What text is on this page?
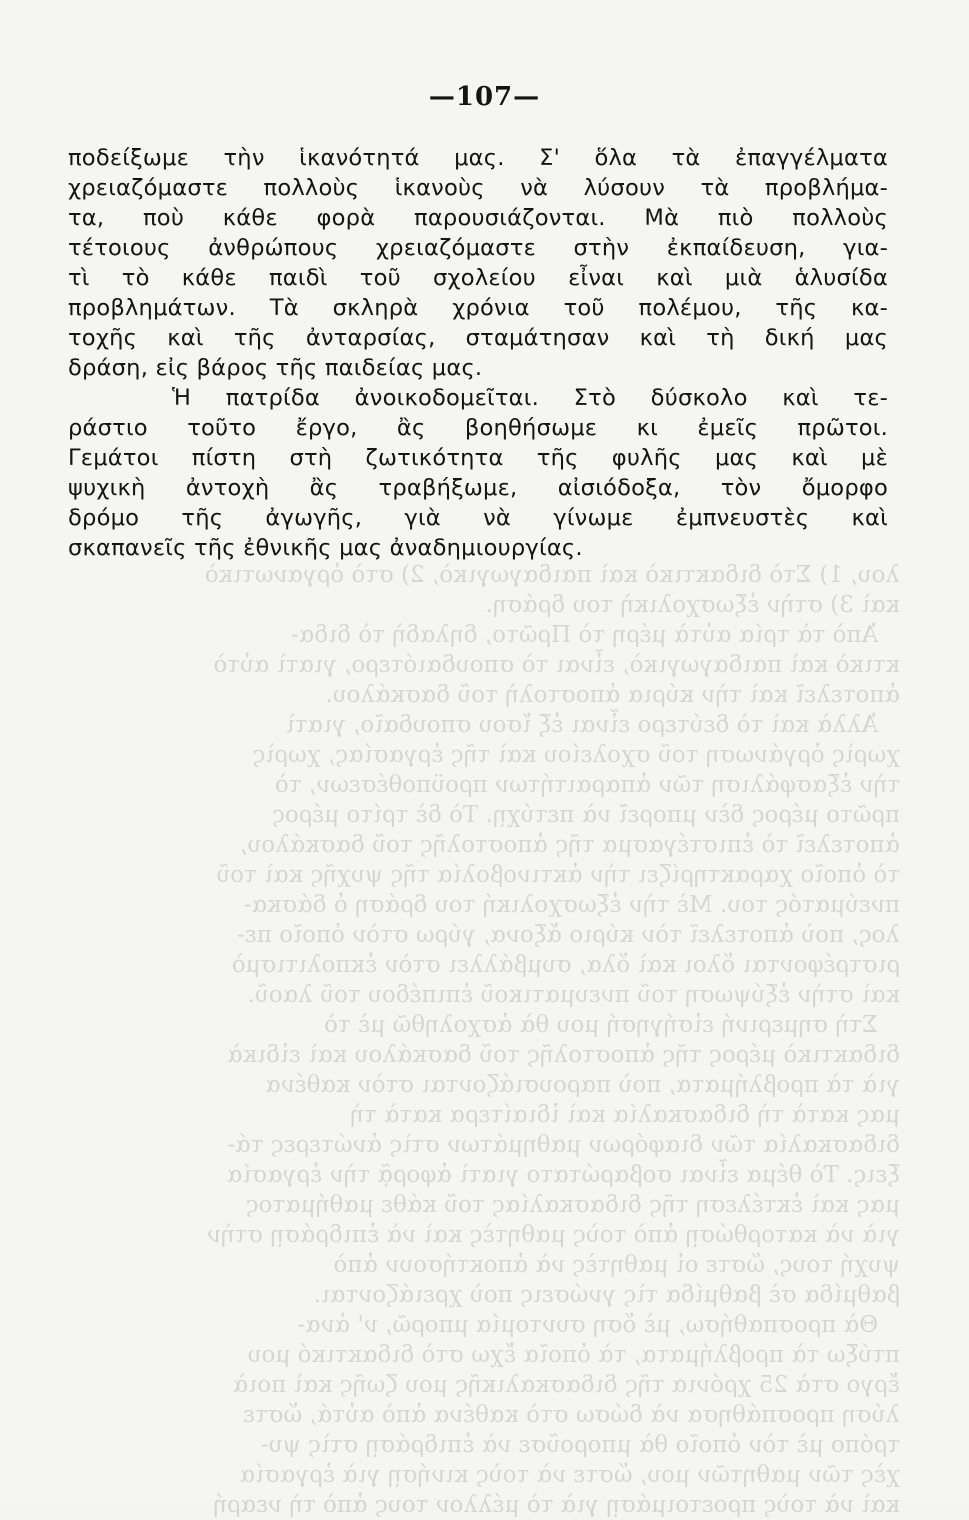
λου, 1) Στὸ διδακτικὸ καὶ παιδαγωγικὸ, 2) στὸ ὀργανωτικὸ
καὶ 3) στὴν ἐξωσχολικὴ του δράση.
Ἀπὸ τὰ τρία αὐτὰ μέρη τὸ Πρῶτο, δηλαδὴ τὸ διδα-
κτικὸ καὶ παιδαγωγικὸ, εἶναι τὸ σπουδαιότερο, γιατὶ αὐτὸ
ἀποτελεῖ καὶ τὴν κύρια ἀποστολὴ τοῦ δασκάλου.
Ἀλλὰ καὶ τὸ δεύτερο εἶναι ἐξ ἴσου σπουδαῖο, γιατὶ
χωρὶς ὀργάνωση τοῦ σχολείου καὶ τῆς ἐργασίας, χωρὶς
τὴν ἐξασφάλιση τῶν ἀπαραιτήτων προϋποθέσεων, τὸ
πρῶτο μέρος δὲν μπορεῖ νὰ πετύχῃ. Τὸ δὲ τρίτο μέρος
ἀποτελεῖ τὸ ἐπιστέγασμα τῆς ἀποστολῆς τοῦ δασκάλου,
τὸ ὁποῖο χαρακτηρίζει τὴν ἀκτινοβολία τῆς ψυχῆς καὶ τοῦ
πνεύματός του. Μὲ τὴν ἐξωσχολική του δράση ὁ δάσκα-
λος, ποὺ ἀποτελεῖ τὸν κύριο ἄξονα, γύρω στὸν ὁποῖο πε-
ριστρέφονται ὅλοι καὶ ὅλα, συμβάλλει στὸν ἐκπολιτισμὸ
καὶ στὴν ἐξύψωση τοῦ πνευματικοῦ ἐπιπέδου τοῦ λαοῦ.
Στὴ σημερινή εἰσήγησή μου θὰ ἀσχοληθῶ μὲ τὸ
διδακτικὸ μέρος τῆς ἀποστολῆς τοῦ δασκάλου καὶ εἰδικὰ
γιὰ τὰ προβλήματα, ποὺ παρουσιάζονται στὸν καθένα
μας κατὰ τὴ διδασκαλία καὶ ἰδιαίτερα κατὰ τὴ
διδασκαλία τῶν διαφόρων μαθημάτων στὶς ἀνώτερες τά-
ξεις. Τὸ θέμα εἶναι σοβαρώτατο γιατὶ ἀφορᾷ τὴν ἐργασία
μας καὶ ἐκτέλεση τῆς διδασκαλίας τοῦ κάθε μαθήματος
γιὰ νὰ κατορθώσῃ ἀπὸ τοὺς μαθητὲς καὶ νὰ ἐπιδράσῃ στὴν
ψυχή τους, ὥστε οἱ μαθητὲς νὰ ἀποκτήσουν ἀπὸ
βαθμίδα σὲ βαθμίδα τὶς γνώσεις ποὺ χρειάζονται.
Θὰ προσπαθήσω, μὲ ὅση συντομία μπορῶ, ν' ἀνα-
πτύξω τὰ προβλήματα, τὰ ὁποῖα ἔχω στὸ διδακτικό μου
ἔργο στὰ 25 χρόνια τῆς διδασκαλικῆς μου ζωῆς καὶ ποιὰ
λύση προσπάθησα νὰ δώσω στὸ καθένα ἀπὸ αὐτά, ὥστε
τρόπο μὲ τὸν ὁποῖο θὰ μποροῦσε νὰ ἐπιδράσῃ στὶς ψυ-
χὲς τῶν μαθητῶν μου, ὥστε νὰ τοὺς κινήσῃ γιὰ ἐργασία
καὶ νὰ τοὺς προετοιμάσῃ γιὰ τὸ μέλλον τους ἀπὸ τὴ νεαρή
—107—
ποδείξωμε τὴν ἱκανότητά μας. Σ' ὅλα τὰ ἐπαγγέλματα
χρειαζόμαστε πολλοὺς ἱκανοὺς νὰ λύσουν τὰ προβλήμα-
τα, ποὺ κάθε φορὰ παρουσιάζονται. Μὰ πιὸ πολλοὺς
τέτοιους ἀνθρώπους χρειαζόμαστε στὴν ἐκπαίδευση, για-
τὶ τὸ κάθε παιδὶ τοῦ σχολείου εἶναι καὶ μιὰ ἁλυσίδα
προβλημάτων. Τὰ σκληρὰ χρόνια τοῦ πολέμου, τῆς κα-
τοχῆς καὶ τῆς ἀνταρσίας, σταμάτησαν καὶ τὴ δική μας
δράση, εἰς βάρος τῆς παιδείας μας.
Ἡ πατρίδα ἀνοικοδομεῖται. Στὸ δύσκολο καὶ τε-
ράστιο τοῦτο ἔργο, ἂς βοηθήσωμε κι ἐμεῖς πρῶτοι.
Γεμάτοι πίστη στὴ ζωτικότητα τῆς φυλῆς μας καὶ μὲ
ψυχικὴ ἀντοχὴ ἂς τραβήξωμε, αἰσιόδοξα, τὸν ὄμορφο
δρόμο τῆς ἀγωγῆς, γιὰ νὰ γίνωμε ἐμπνευστὲς καὶ
σκαπανεῖς τῆς ἐθνικῆς μας ἀναδημιουργίας.
